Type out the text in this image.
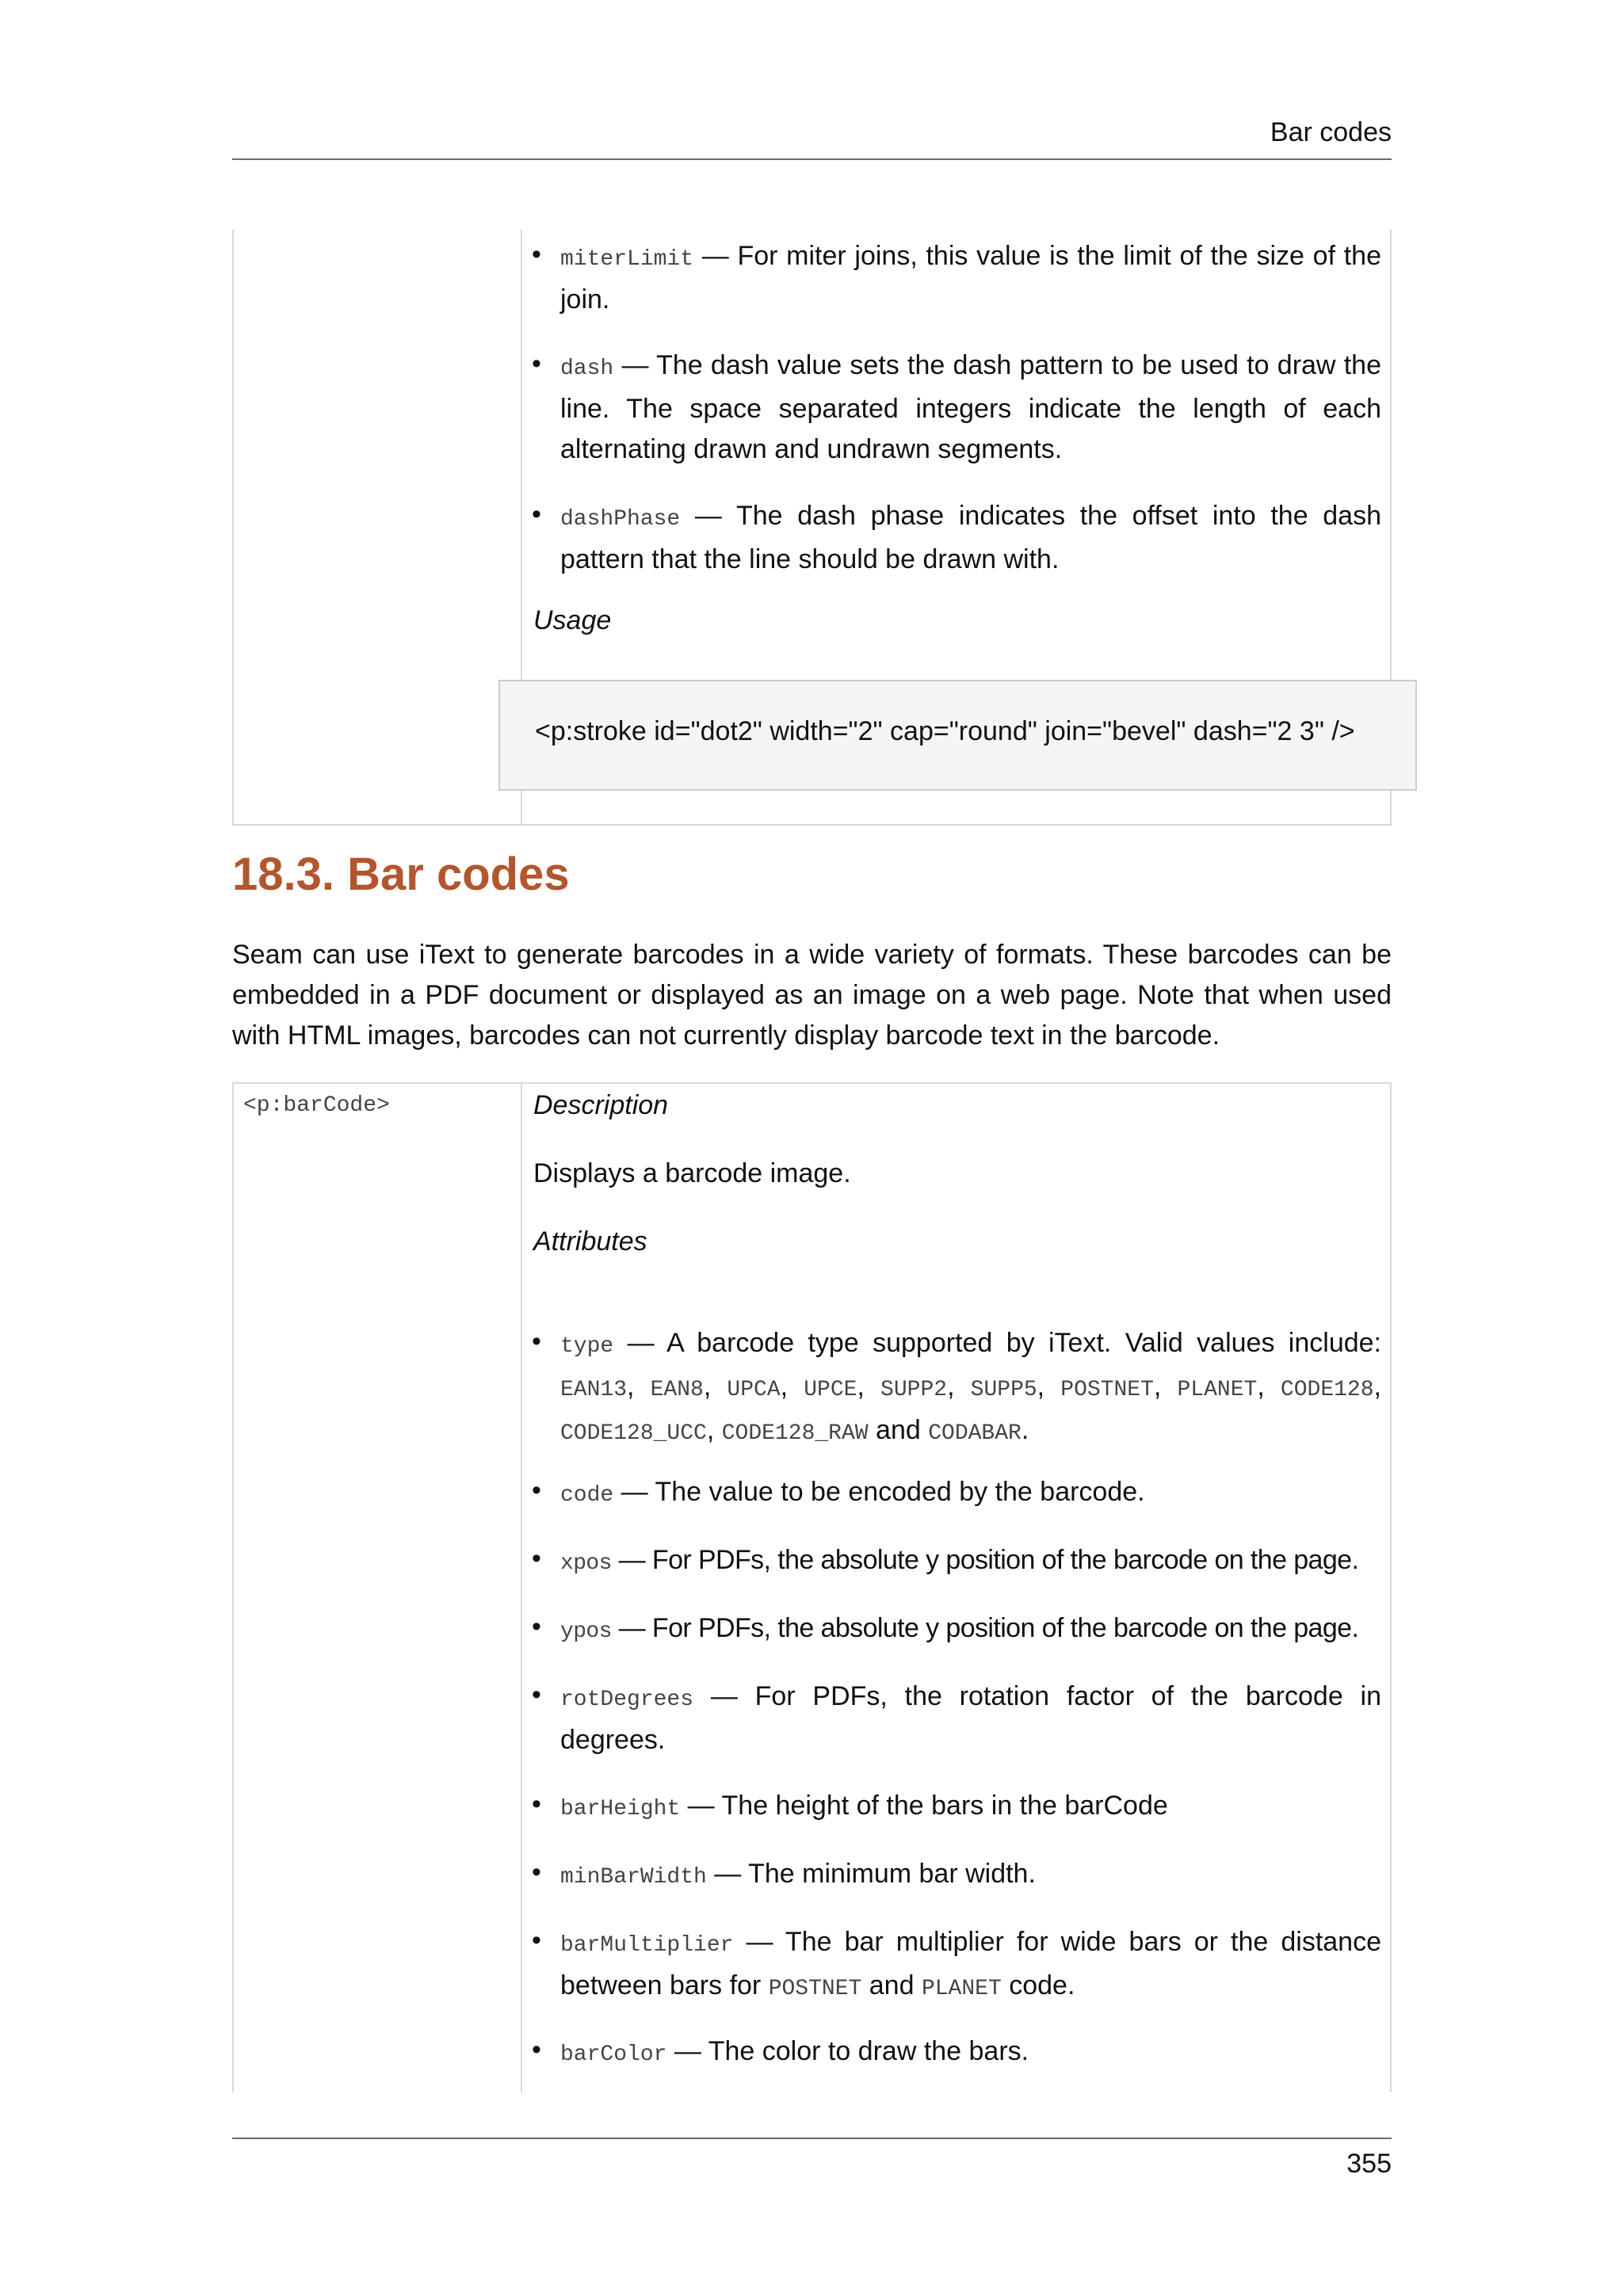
Bar codes
• miterLimit — For miter joins, this value is the limit of the size of the join.
• dash — The dash value sets the dash pattern to be used to draw the line. The space separated integers indicate the length of each alternating drawn and undrawn segments.
• dashPhase — The dash phase indicates the offset into the dash pattern that the line should be drawn with.
Usage
<p:stroke id="dot2" width="2" cap="round" join="bevel" dash="2 3" />
18.3. Bar codes
Seam can use iText to generate barcodes in a wide variety of formats. These barcodes can be embedded in a PDF document or displayed as an image on a web page. Note that when used with HTML images, barcodes can not currently display barcode text in the barcode.
<p:barCode>	Description
Displays a barcode image.
Attributes
• type — A barcode type supported by iText. Valid values include: EAN13, EAN8, UPCA, UPCE, SUPP2, SUPP5, POSTNET, PLANET, CODE128, CODE128_UCC, CODE128_RAW and CODABAR.
• code — The value to be encoded by the barcode.
• xpos — For PDFs, the absolute y position of the barcode on the page.
• ypos — For PDFs, the absolute y position of the barcode on the page.
• rotDegrees — For PDFs, the rotation factor of the barcode in degrees.
• barHeight — The height of the bars in the barCode
• minBarWidth — The minimum bar width.
• barMultiplier — The bar multiplier for wide bars or the distance between bars for POSTNET and PLANET code.
• barColor — The color to draw the bars.
355
